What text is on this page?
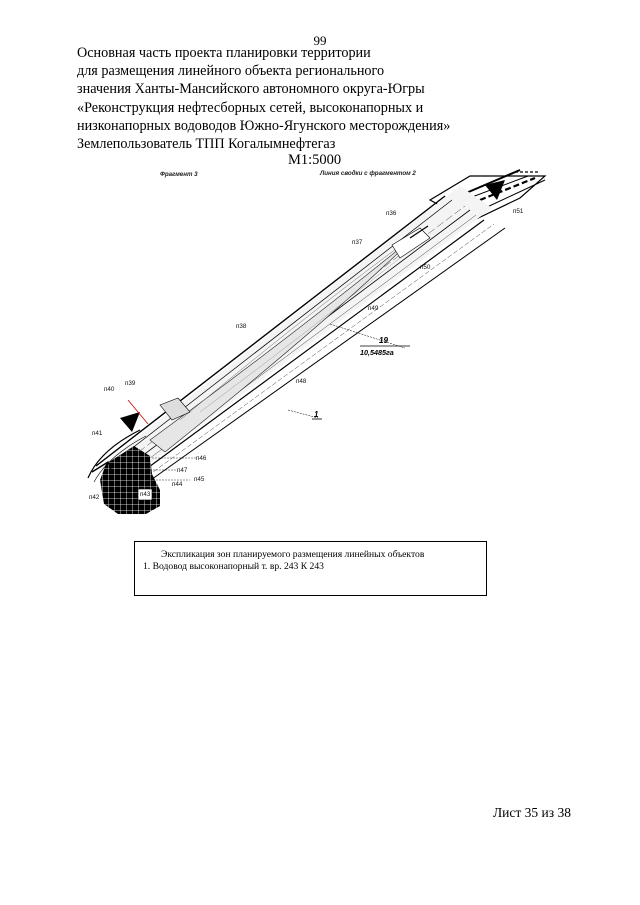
99
Основная часть проекта планировки территории
для размещения линейного объекта регионального
значения Ханты-Мансийского автономного округа-Югры
«Реконструкция нефтесборных сетей, высоконапорных и
низконапорных водоводов Южно-Ягунского месторождения»
Землепользователь ТПП Когалымнефтегаз
М1:5000
Фрагмент 3	Линия сводки с фрагментом 2
п36
п37
п51
п50
п49
п38
п48
п39
п40
п41
п46
п47
п45
п44
п42	п43
19
10,5485га
1
Экспликация зон планируемого размещения линейных объектов
1. Водовод высоконапорный т. вр. 243 К 243
Лист 35 из 38
